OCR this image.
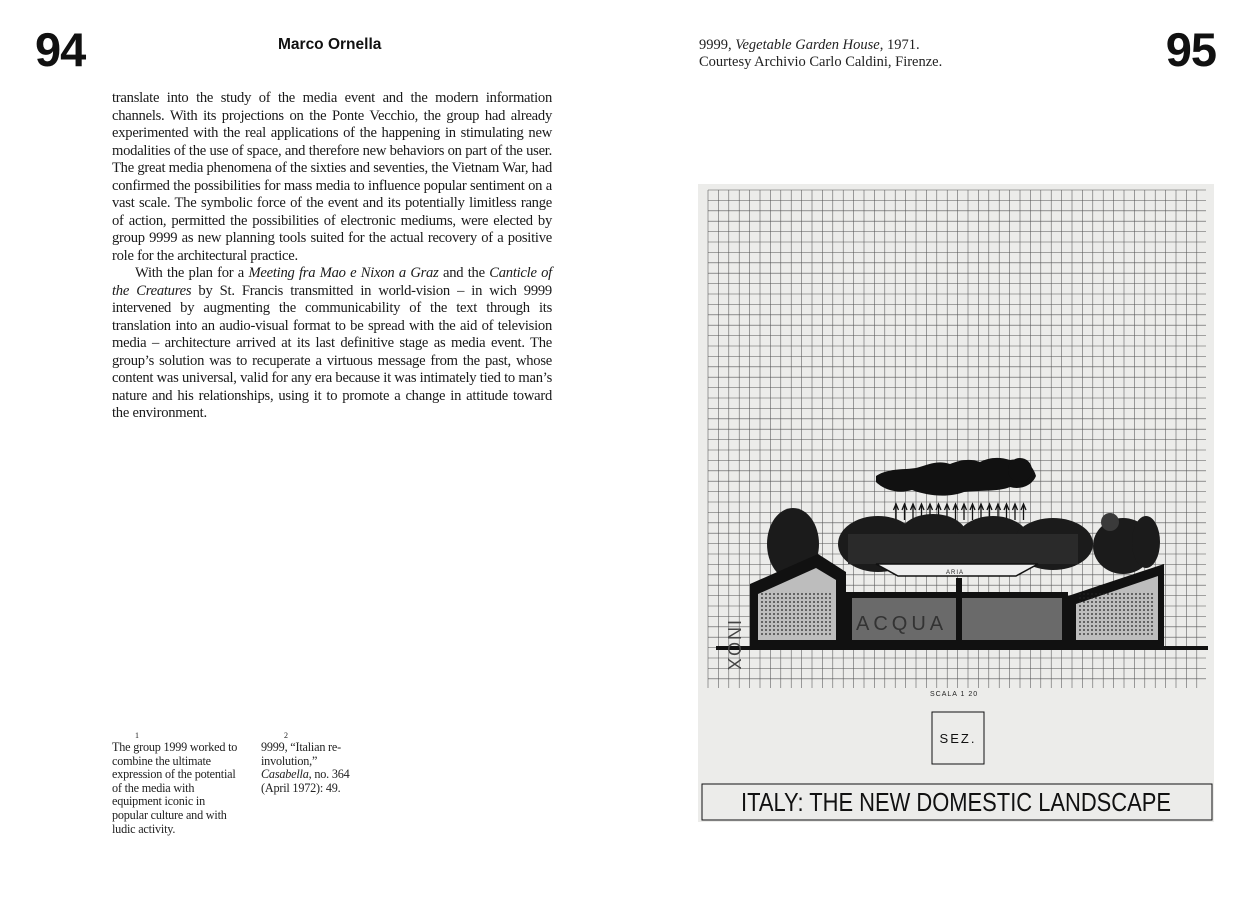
94	Marco Ornella

translate into the study of the media event and the modern information channels. With its projections on the Ponte Vecchio, the group had already experimented with the real applications of the happening in stimulating new modalities of the use of space, and therefore new behaviors on part of the user. The great media phenomena of the sixties and seventies, the Vietnam War, had confirmed the possibilities for mass media to influence popular sentiment on a vast scale. The symbolic force of the event and its potentially limitless range of action, permitted the possibilities of electronic mediums, were elected by group 9999 as new planning tools suited for the actual recovery of a positive role for the architectural practice.

With the plan for a Meeting fra Mao e Nixon a Graz and the Canticle of the Creatures by St. Francis transmitted in world-vision – in wich 9999 intervened by augmenting the communicability of the text through its translation into an audio-visual format to be spread with the aid of television media – architecture arrived at its last definitive stage as media event. The group’s solution was to recuperate a virtuous message from the past, whose content was universal, valid for any era because it was intimately tied to man’s nature and his relationships, using it to promote a change in attitude toward the environment.

1
The group 1999 worked to combine the ultimate expression of the potential of the media with equipment iconic in popular culture and with ludic activity.
2
9999, “Italian re-involution,” Casabella, no. 364 (April 1972): 49.
9999, Vegetable Garden House, 1971.
Courtesy Archivio Carlo Caldini, Firenze.	95
INOX
ARIA
ACQUA
SCALA 1 20
SEZ.
ITALY: THE NEW DOMESTIC LANDSCAPE
